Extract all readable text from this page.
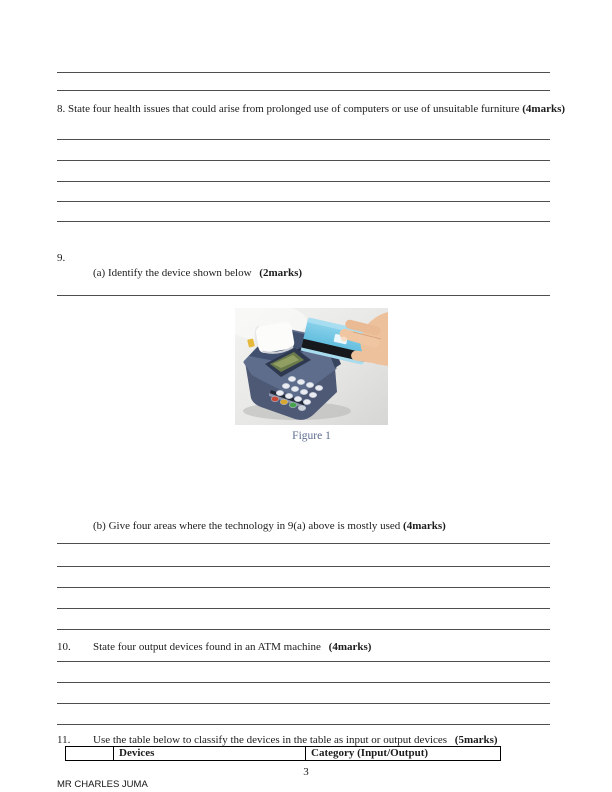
8. State four health issues that could arise from prolonged use of computers or use of unsuitable furniture (4marks)
9.
(a) Identify the device shown below (2marks)
Figure 1
(b) Give four areas where the technology in 9(a) above is mostly used (4marks)
10. State four output devices found in an ATM machine (4marks)
11. Use the table below to classify the devices in the table as input or output devices (5marks)
	Devices	Category (Input/Output)
3
MR CHARLES JUMA
